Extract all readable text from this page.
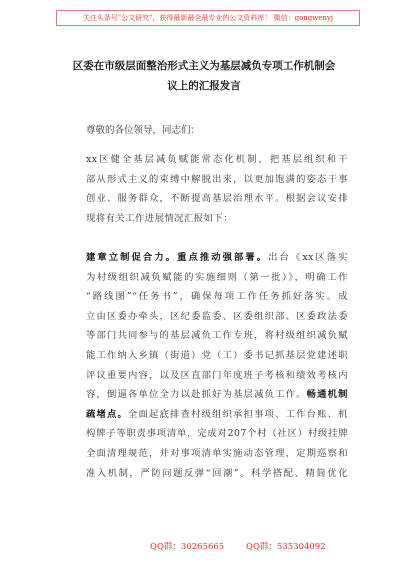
关注头条号"公文研究"，获得最新最全最专业的公文资料库！ 微信：gongwenyj
区委在市级层面整治形式主义为基层减负专项工作机制会
议上的汇报发言
尊敬的各位领导，同志们：
xx区健全基层减负赋能常态化机制，把基层组织和干
部从形式主义的束缚中解脱出来，以更加饱满的姿态干事
创业、服务群众，不断提高基层治理水平。根据会议安排
现将有关工作进展情况汇报如下：
建章立制促合力。重点推动强部署。出台《xx区落实
为村级组织减负赋能的实施细则（第一批）》，明确工作
“路线图”“任务书”，确保每项工作任务抓好落实。成
立由区委办牵头，区纪委监委、区委组织部、区委政法委
等部门共同参与的基层减负工作专班，将村级组织减负赋
能工作纳入乡镇（街道）党（工）委书记抓基层党建述职
评议重要内容，以及区直部门年度班子考核和绩效考核内
容，倒逼各单位全力以赴抓好为基层减负工作。畅通机制
疏堵点。全面起底排查村级组织承担事项、工作台账、机
构牌子等职责事项清单，完成对207个村（社区）村级挂牌
全面清理规范，并对事项清单实施动态管理，定期巡察和
准入机制，严防问题反弹“回潮”。科学搭配、精简优化
QQ群：30265665	QQ群：535304092
